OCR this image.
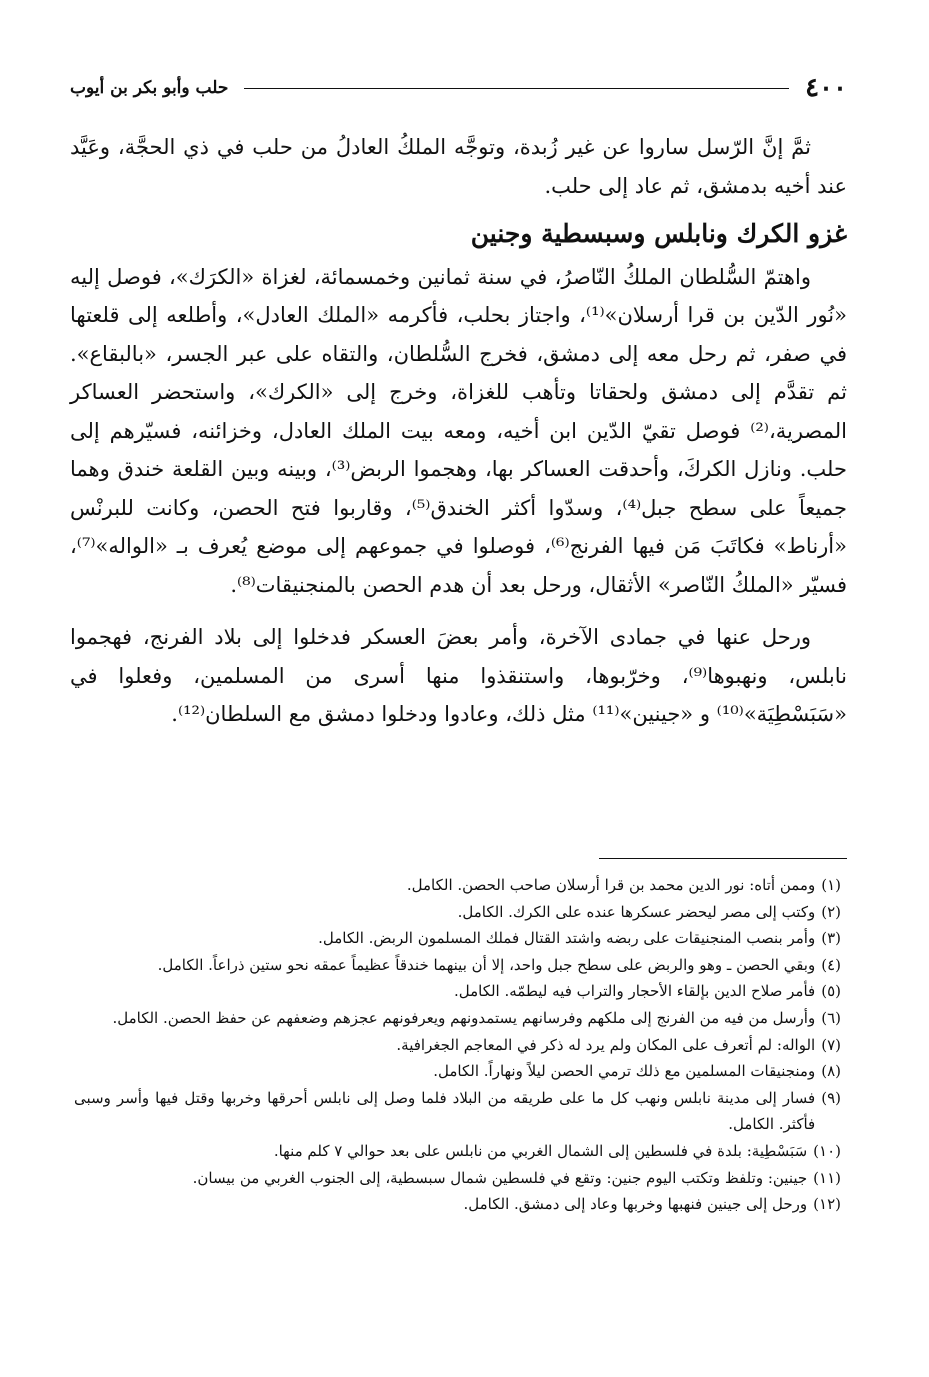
٤٠٠
حلب وأبو بكر بن أيوب

ثمَّ إنَّ الرّسل ساروا عن غير زُبدة، وتوجَّه الملكُ العادلُ من حلب في ذي الحجَّة، وعَيَّد عند أخيه بدمشق، ثم عاد إلى حلب.

غزو الكرك ونابلس وسبسطية وجنين

واهتمّ السُّلطان الملكُ النّاصرُ، في سنة ثمانين وخمسمائة، لغزاة «الكرَك»، فوصل إليه «نُور الدّين بن قرا أرسلان»⁽¹⁾، واجتاز بحلب، فأكرمه «الملك العادل»، وأطلعه إلى قلعتها في صفر، ثم رحل معه إلى دمشق، فخرج السُّلطان، والتقاه على عبر الجسر، «بالبقاع». ثم تقدَّم إلى دمشق ولحقاتا وتأهب للغزاة، وخرج إلى «الكرك»، واستحضر العساكر المصرية،⁽²⁾ فوصل تقيّ الدّين ابن أخيه، ومعه بيت الملك العادل، وخزائنه، فسيّرهم إلى حلب. ونازل الكركَ، وأحدقت العساكر بها، وهجموا الربض⁽³⁾، وبينه وبين القلعة خندق وهما جميعاً على سطح جبل⁽⁴⁾، وسدّوا أكثر الخندق⁽⁵⁾، وقاربوا فتح الحصن، وكانت للبرنْس «أرناط» فكاتَبَ مَن فيها الفرنج⁽⁶⁾، فوصلوا في جموعهم إلى موضع يُعرف بـ «الواله»⁽⁷⁾، فسيّر «الملكُ النّاصر» الأثقال، ورحل بعد أن هدم الحصن بالمنجنيقات⁽⁸⁾.

ورحل عنها في جمادى الآخرة، وأمر بعضَ العسكر فدخلوا إلى بلاد الفرنج، فهجموا نابلس، ونهبوها⁽⁹⁾، وخرّبوها، واستنقذوا منها أسرى من المسلمين، وفعلوا في «سَبَسْطِيَة»⁽¹⁰⁾ و «جينين»⁽¹¹⁾ مثل ذلك، وعادوا ودخلوا دمشق مع السلطان⁽¹²⁾.

(١)
وممن أتاه: نور الدين محمد بن قرا أرسلان صاحب الحصن. الكامل.
(٢)
وكتب إلى مصر ليحضر عسكرها عنده على الكرك. الكامل.
(٣)
وأمر بنصب المنجنيقات على ربضه واشتد القتال فملك المسلمون الربض. الكامل.
(٤)
وبقي الحصن ـ وهو والربض على سطح جبل واحد، إلا أن بينهما خندقاً عظيماً عمقه نحو ستين ذراعاً. الكامل.
(٥)
فأمر صلاح الدين بإلقاء الأحجار والتراب فيه ليطمّه. الكامل.
(٦)
وأرسل من فيه من الفرنج إلى ملكهم وفرسانهم يستمدونهم ويعرفونهم عجزهم وضعفهم عن حفظ الحصن. الكامل.
(٧)
الواله: لم أتعرف على المكان ولم يرد له ذكر في المعاجم الجغرافية.
(٨)
ومنجنيقات المسلمين مع ذلك ترمي الحصن ليلاً ونهاراً. الكامل.
(٩)
فسار إلى مدينة نابلس ونهب كل ما على طريقه من البلاد فلما وصل إلى نابلس أحرقها وخربها وقتل فيها وأسر وسبى فأكثر. الكامل.
(١٠)
سَبَسْطِية: بلدة في فلسطين إلى الشمال الغربي من نابلس على بعد حوالي ٧ كلم منها.
(١١)
جينين: وتلفظ وتكتب اليوم جنين: وتقع في فلسطين شمال سبسطية، إلى الجنوب الغربي من بيسان.
(١٢)
ورحل إلى جينين فنهبها وخربها وعاد إلى دمشق. الكامل.
